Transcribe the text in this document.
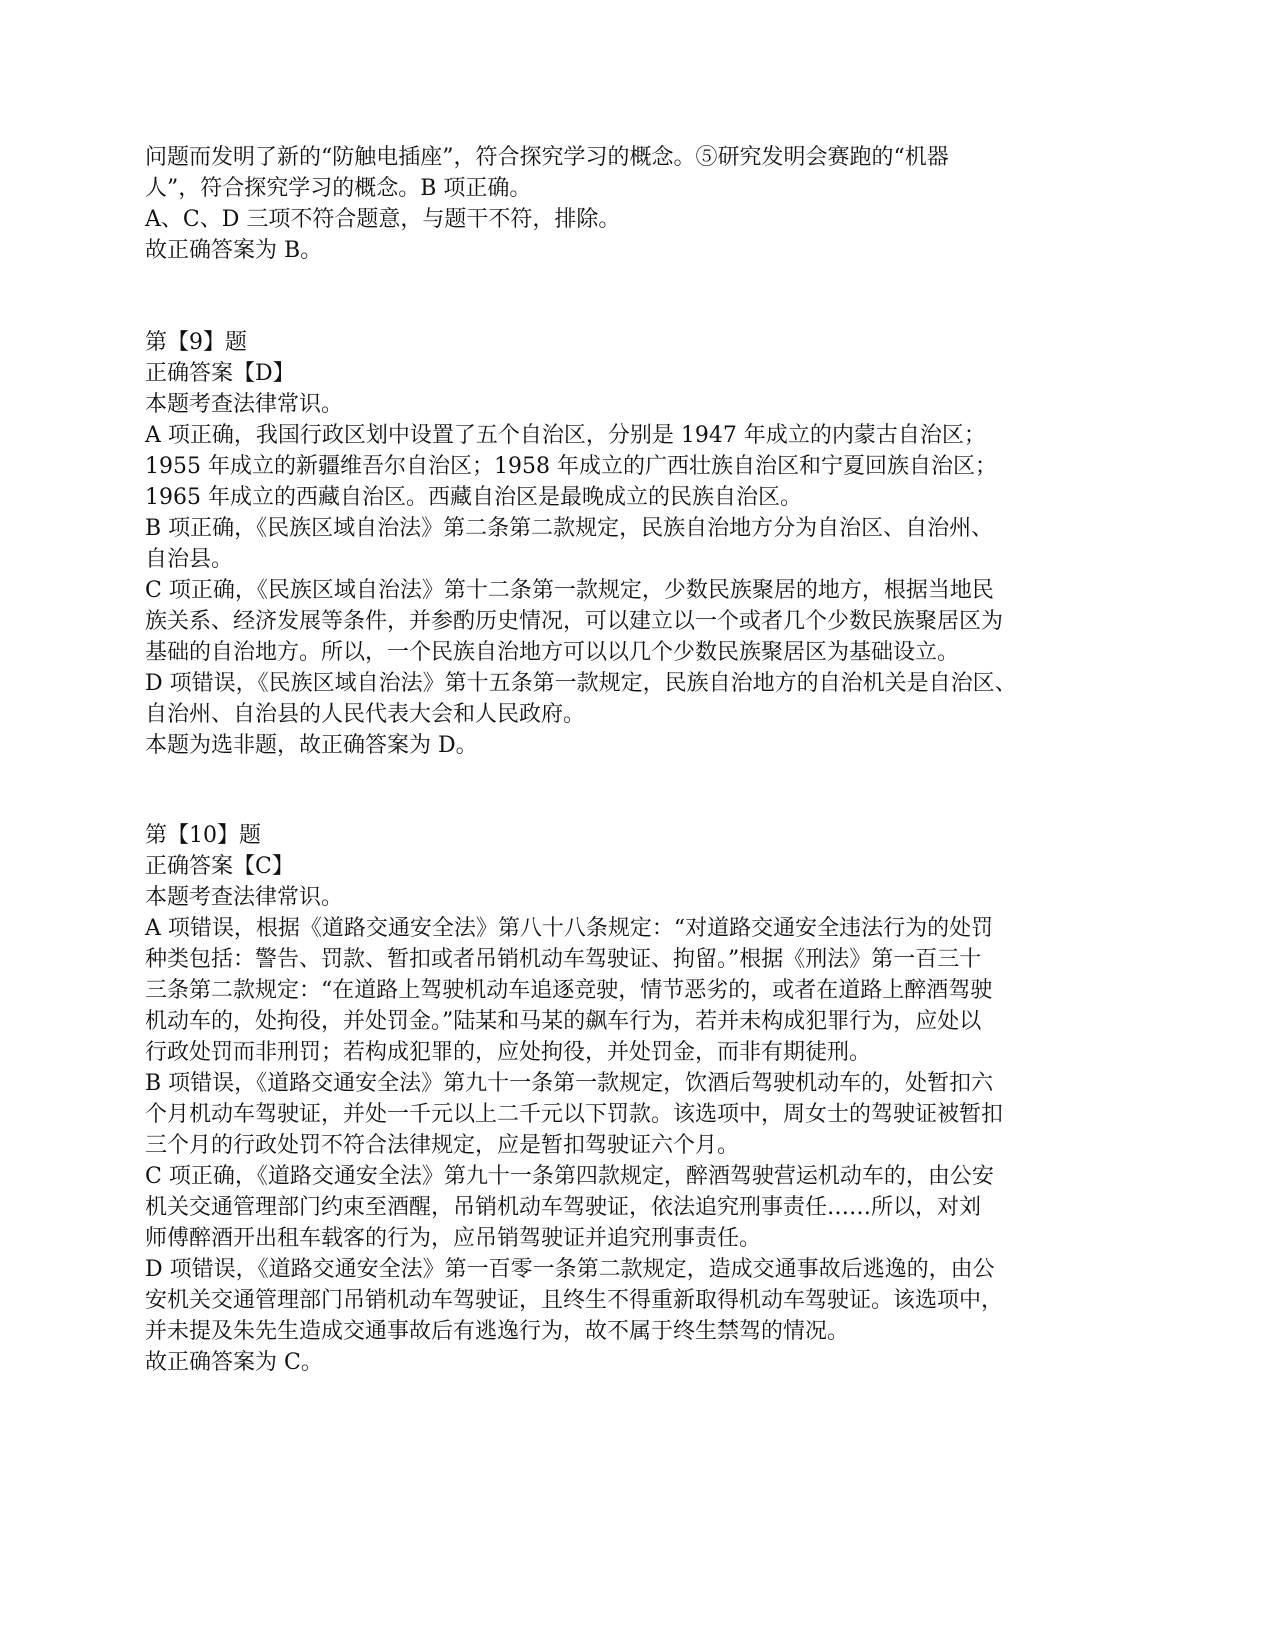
问题而发明了新的“防触电插座”，符合探究学习的概念。⑤研究发明会赛跑的“机器
人”，符合探究学习的概念。B 项正确。
A、C、D 三项不符合题意，与题干不符，排除。
故正确答案为 B。
第【9】题
正确答案【D】
本题考查法律常识。
A 项正确，我国行政区划中设置了五个自治区，分别是 1947 年成立的内蒙古自治区；
1955 年成立的新疆维吾尔自治区；1958 年成立的广西壮族自治区和宁夏回族自治区；
1965 年成立的西藏自治区。西藏自治区是最晚成立的民族自治区。
B 项正确，《民族区域自治法》第二条第二款规定，民族自治地方分为自治区、自治州、
自治县。
C 项正确，《民族区域自治法》第十二条第一款规定，少数民族聚居的地方，根据当地民
族关系、经济发展等条件，并参酌历史情况，可以建立以一个或者几个少数民族聚居区为
基础的自治地方。所以，一个民族自治地方可以以几个少数民族聚居区为基础设立。
D 项错误，《民族区域自治法》第十五条第一款规定，民族自治地方的自治机关是自治区、
自治州、自治县的人民代表大会和人民政府。
本题为选非题，故正确答案为 D。
第【10】题
正确答案【C】
本题考查法律常识。
A 项错误，根据《道路交通安全法》第八十八条规定：“对道路交通安全违法行为的处罚
种类包括：警告、罚款、暂扣或者吊销机动车驾驶证、拘留。”根据《刑法》第一百三十
三条第二款规定：“在道路上驾驶机动车追逐竞驶，情节恶劣的，或者在道路上醉酒驾驶
机动车的，处拘役，并处罚金。”陆某和马某的飙车行为，若并未构成犯罪行为，应处以
行政处罚而非刑罚；若构成犯罪的，应处拘役，并处罚金，而非有期徒刑。
B 项错误，《道路交通安全法》第九十一条第一款规定，饮酒后驾驶机动车的，处暂扣六
个月机动车驾驶证，并处一千元以上二千元以下罚款。该选项中，周女士的驾驶证被暂扣
三个月的行政处罚不符合法律规定，应是暂扣驾驶证六个月。
C 项正确，《道路交通安全法》第九十一条第四款规定，醉酒驾驶营运机动车的，由公安
机关交通管理部门约束至酒醒，吊销机动车驾驶证，依法追究刑事责任……所以，对刘
师傅醉酒开出租车载客的行为，应吊销驾驶证并追究刑事责任。
D 项错误，《道路交通安全法》第一百零一条第二款规定，造成交通事故后逃逸的，由公
安机关交通管理部门吊销机动车驾驶证，且终生不得重新取得机动车驾驶证。该选项中，
并未提及朱先生造成交通事故后有逃逸行为，故不属于终生禁驾的情况。
故正确答案为 C。
